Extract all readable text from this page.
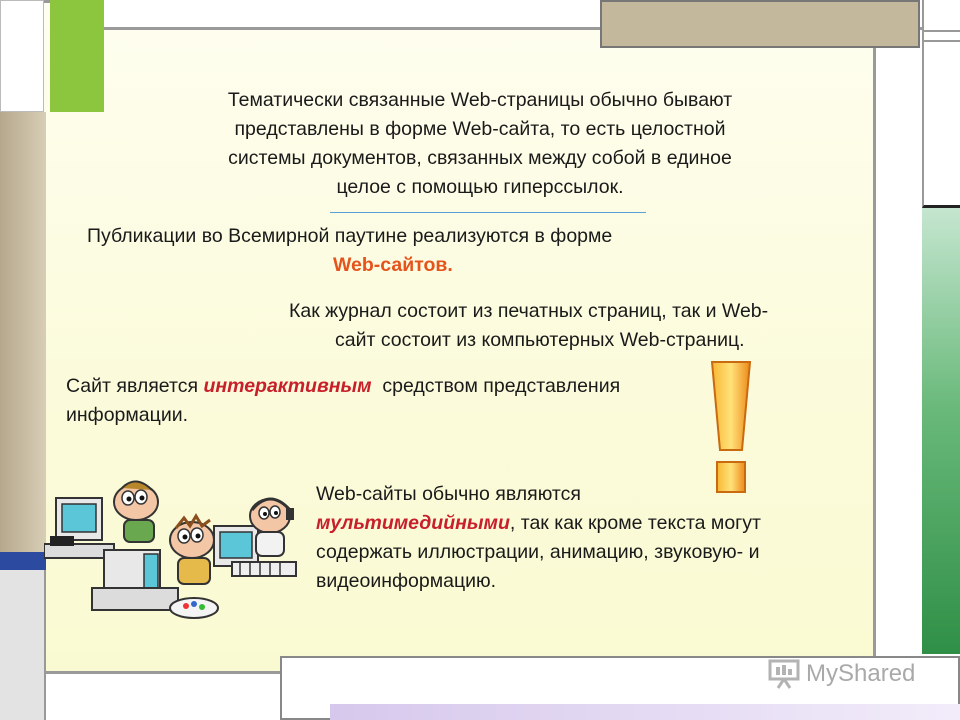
Тематически связанные Web-страницы обычно бывают
представлены в форме Web-сайта, то есть целостной
системы документов, связанных между собой в единое
целое с помощью гиперссылок.
Публикации во Всемирной паутине реализуются в форме
Web-сайтов.
Как журнал состоит из печатных страниц, так и Web-
сайт состоит из компьютерных Web-страниц.
Сайт является интерактивным  средством представления
информации.
Web-сайты обычно являются
мультимедийными, так как кроме текста могут
содержать иллюстрации, анимацию, звуковую- и
видеоинформацию.
MyShared
